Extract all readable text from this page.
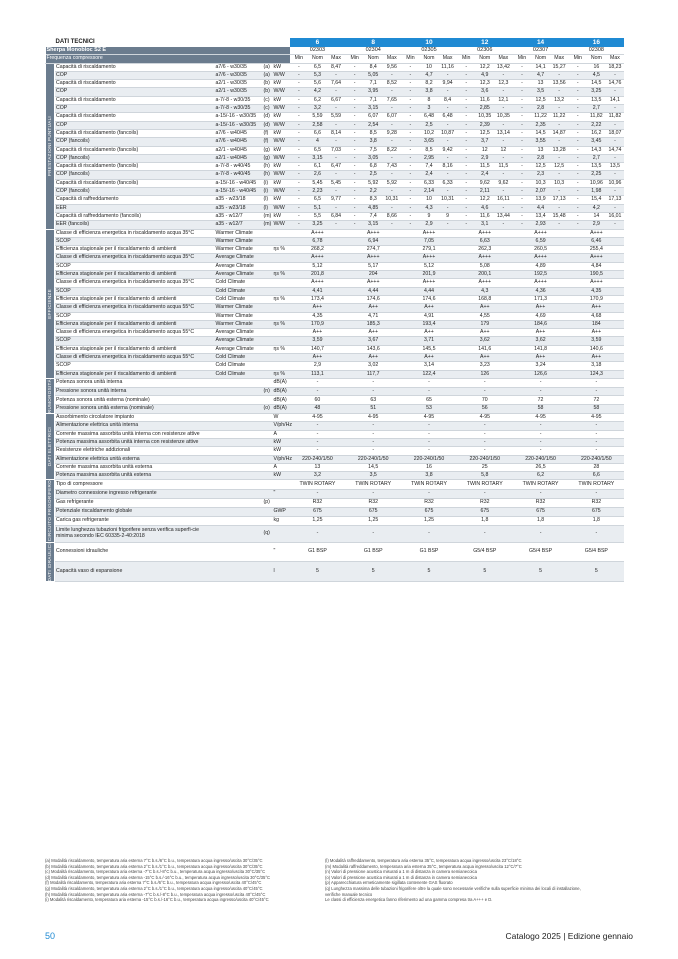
	DATI TECNICI				6			8			10			12			14			16		
Sherpa Monobloc S2 E					02303			02304			02305			02306			02307			02308		
Frequenza compressore					Min	Nom	Max	Min	Nom	Max	Min	Nom	Max	Min	Nom	Max	Min	Nom	Max	Min	Nom	Max

PRESTAZIONI PUNTUALI	Capacità di riscaldamento	a7/6 - w30/35	(a)	kW	-	6,5	8,47	-	8,4	9,56	-	10	11,16	-	12,2	13,42	-	14,1	15,27	-	16	18,23
	COP	a7/6 - w30/35	(a)	W/W	-	5,3	-	-	5,05	-	-	4,7	-	-	4,9	-	-	4,7	-	-	4,5	-
	Capacità di riscaldamento	a2/1 - w30/35	(b)	kW	-	5,6	7,64	-	7,1	8,52	-	8,2	9,94	-	12,3	12,3	-	13	13,56	-	14,5	14,76
	COP	a2/1 - w30/35	(b)	W/W	-	4,2	-	-	3,95	-	-	3,8	-	-	3,6	-	-	3,5	-	-	3,25	-
	Capacità di riscaldamento	a-7/-8 - w30/35	(c)	kW	-	6,2	6,67	-	7,1	7,65	-	8	8,4	-	11,6	12,1	-	12,5	13,2	-	13,5	14,1
	COP	a-7/-8 - w30/35	(c)	W/W	-	3,2	-	-	3,15	-	-	3	-	-	2,85	-	-	2,8	-	-	2,7	-
	Capacità di riscaldamento	a-15/-16 - w30/35	(d)	kW	-	5,59	5,59	-	6,07	6,07	-	6,48	6,48	-	10,35	10,35	-	11,22	11,22	-	11,82	11,82
	COP	a-15/-16 - w30/35	(d)	W/W	-	2,58	-	-	2,54	-	-	2,5	-	-	2,39	-	-	2,35	-	-	2,22	-
	Capacità di riscaldamento (fancoils)	a7/6 - w40/45	(f)	kW	-	6,6	8,14	-	8,5	9,28	-	10,2	10,87	-	12,5	13,14	-	14,5	14,87	-	16,2	18,07
	COP (fancoils)	a7/6 - w40/45	(f)	W/W	-	4	-	-	3,8	-	-	3,65	-	-	3,7	-	-	3,55	-	-	3,45	-
	Capacità di riscaldamento (fancoils)	a2/1 - w40/45	(g)	kW	-	6,5	7,03	-	7,5	8,22	-	8,5	9,42	-	12	12	-	13	13,28	-	14,3	14,74
	COP (fancoils)	a2/1 - w40/45	(g)	W/W	-	3,15	-	-	3,05	-	-	2,95	-	-	2,9	-	-	2,8	-	-	2,7	-
	Capacità di riscaldamento (fancoils)	a-7/-8 - w40/45	(h)	kW	-	6,1	6,47	-	6,8	7,43	-	7,4	8,16	-	11,5	11,5	-	12,5	12,5	-	13,5	13,5
	COP (fancoils)	a-7/-8 - w40/45	(h)	W/W	-	2,6	-	-	2,5	-	-	2,4	-	-	2,4	-	-	2,3	-	-	2,25	-
	Capacità di riscaldamento (fancoils)	a-15/-16 - w40/45	(i)	kW	-	5,45	5,45	-	5,92	5,92	-	6,33	6,33	-	9,62	9,62	-	10,3	10,3	-	10,96	10,96
	COP (fancoils)	a-15/-16 - w40/45	(i)	W/W	-	2,23	-	-	2,2	-	-	2,14	-	-	2,11	-	-	2,07	-	-	1,98	-
	Capacità di raffreddamento	a35 - w23/18	(l)	kW	-	6,5	9,77	-	8,3	10,31	-	10	10,31	-	12,2	16,11	-	13,9	17,13	-	15,4	17,13
	EER	a35 - w23/18	(l)	W/W	-	5,1	-	-	4,85	-	-	4,3	-	-	4,6	-	-	4,4	-	-	4,2	-
	Capacità di raffreddamento (fancoils)	a35 - w12/7	(m)	kW	-	5,5	6,84	-	7,4	8,66	-	9	9	-	11,6	13,44	-	13,4	15,48	-	14	16,01
	EER (fancoils)	a35 - w12/7	(m)	W/W	-	3,25	-	-	3,15	-	-	2,9	-	-	3,1	-	-	2,93	-	-	2,9	-

EFFICIENZE	Classe di efficienza energetica in riscaldamento acqua 35°C	Warmer Climate			A+++			A+++			A+++			A+++			A+++			A+++		
	SCOP	Warmer Climate			6,78			6,94			7,05			6,63			6,59			6,46		
	Efficienza stagionale per il riscaldamento di ambienti	Warmer Climate		ηs %	268,2			274,7			279,1			262,3			260,5			255,4		
	Classe di efficienza energetica in riscaldamento acqua 35°C	Average Climate			A+++			A+++			A+++			A+++			A+++			A+++		
	SCOP	Average Climate			5,12			5,17			5,12			5,08			4,89			4,84		
	Efficienza stagionale per il riscaldamento di ambienti	Average Climate		ηs %	201,8			204			201,9			200,1			192,5			190,5		
	Classe di efficienza energetica in riscaldamento acqua 35°C	Cold Climate			A+++			A+++			A+++			A+++			A+++			A+++		
	SCOP	Cold Climate			4,41			4,44			4,44			4,3			4,36			4,35		
	Efficienza stagionale per il riscaldamento di ambienti	Cold Climate		ηs %	173,4			174,6			174,6			168,8			171,3			170,9		
	Classe di efficienza energetica in riscaldamento acqua 55°C	Warmer Climate			A++			A++			A++			A++			A++			A++		
	SCOP	Warmer Climate			4,35			4,71			4,91			4,55			4,69			4,68		
	Efficienza stagionale per il riscaldamento di ambienti	Warmer Climate		ηs %	170,9			185,3			193,4			179			184,6			184		
	Classe di efficienza energetica in riscaldamento acqua 55°C	Average Climate			A++			A++			A++			A++			A++			A++		
	SCOP	Average Climate			3,59			3,67			3,71			3,62			3,62			3,59		
	Efficienza stagionale per il riscaldamento di ambienti	Average Climate		ηs %	140,7			143,6			145,5			141,6			141,8			140,6		
	Classe di efficienza energetica in riscaldamento acqua 55°C	Cold Climate			A++			A++			A++			A++			A++			A++		
	SCOP	Cold Climate			2,9			3,02			3,14			3,23			3,24			3,18		
	Efficienza stagionale per il riscaldamento di ambienti	Cold Climate		ηs %	113,1			117,7			122,4			126			126,6			124,3		

RUMOROSITÀ	Potenza sonora unità interna			dB(A)	-			-			-			-			-			-		
	Pressione sonora unità interna		(n)	dB(A)	-			-			-			-			-			-		
	Potenza sonora unità esterna (nominale)			dB(A)	60			63			65			70			72			72		
	Pressione sonora unità esterna (nominale)		(o)	dB(A)	48			51			53			56			58			58		

DATI ELETTRICI	Assorbimento circolatore impianto			W	4-95			4-95			4-95			4-95			4-95			4-95		
	Alimentazione elettrica unità interna			V/ph/Hz	-			-			-			-			-			-		
	Corrente massima assorbita unità interna con resistenze attive			A	-			-			-			-			-			-		
	Potenza massima assorbita unità interna con resistenze attive			kW	-			-			-			-			-			-		
	Resistenze elettriche addizionali			kW	-			-			-			-			-			-		
	Alimentazione elettrica unità esterna			V/ph/Hz	220-240/1/50			220-240/1/50			220-240/1/50			220-240/1/50			220-240/1/50			220-240/1/50		
	Corrente massima assorbita unità esterna			A	13			14,5			16			25			26,5			28		
	Potenza massima assorbita unità esterna			kW	3,2			3,5			3,8			5,8			6,2			6,6		

CIRCUITO FRIGORIFERO	Tipo di compressore				TWIN ROTARY			TWIN ROTARY			TWIN ROTARY			TWIN ROTARY			TWIN ROTARY			TWIN ROTARY		
	Diametro connessione ingresso refrigerante			"	-			-			-			-			-			-		
	Gas refrigerante		(p)		R32			R32			R32			R32			R32			R32		
	Potenziale riscaldamento globale			GWP	675			675			675			675			675			675		
	Carica gas refrigerante			kg	1,25			1,25			1,25			1,8			1,8			1,8		
	Limite lunghezza tubazioni frigorifere senza verifica superfi-cie minima secondo IEC 60335-2-40:2018		(q)		-			-			-			-			-			-		

DATI IDRAULICI	Connessioni idrauliche			"	G1 BSP			G1 BSP			G1 BSP			G5/4 BSP			G5/4 BSP			G5/4 BSP		
	Capacità vaso di espansione			l	5			5			5			5			5			5		
(a) Modalità riscaldamento, temperatura aria esterna 7°C b.s./6°C b.u., temperatura acqua ingresso/uscita 30°C/35°C
(b) Modalità riscaldamento, temperatura aria esterna 2°C b.s./1°C b.u., temperatura acqua ingresso/uscita 30°C/35°C
(c) Modalità riscaldamento, temperatura aria esterna -7°C b.s./-8°C b.u., temperatura acqua ingresso/uscita 30°C/35°C
(d) Modalità riscaldamento, temperatura aria esterna -15°C b.s./-16°C b.u., temperatura acqua ingresso/uscita 30°C/35°C
(f) Modalità riscaldamento, temperatura aria esterna 7°C b.s./6°C b.u., temperatura acqua ingresso/uscita 40°C/45°C
(g) Modalità riscaldamento, temperatura aria esterna 2°C b.s./1°C b.u., temperatura acqua ingresso/uscita 40°C/45°C
(h) Modalità riscaldamento, temperatura aria esterna -7°C b.s./-8°C b.u., temperatura acqua ingresso/uscita 40°C/45°C
(i) Modalità riscaldamento, temperatura aria esterna -15°C b.s./-16°C b.u., temperatura acqua ingresso/uscita 40°C/45°C
(l) Modalità raffreddamento, temperatura aria esterna 35°C, temperatura acqua ingresso/uscita 23°C/18°C
(m) Modalità raffreddamento, temperatura aria esterna 35°C, temperatura acqua ingresso/uscita 12°C/7°C
(n) Valori di pressione acustica misurati a 1 m di distanza in camera semianecoica
(o) Valori di pressione acustica misurati a 1 m di distanza in camera semianecoica
(p) Apparecchiatura ermeticamente sigillata contenente GAS fluorato
(q) Lunghezza massima delle tubazioni frigorifere oltre la quale sono necessarie verifiche sulla superficie minima dei locali di installazione,
verifiche manuale tecnico
Le classi di efficienza energetica fanno riferimento ad una gamma compresa tra A+++ e D.
50	Catalogo 2025 | Edizione gennaio
